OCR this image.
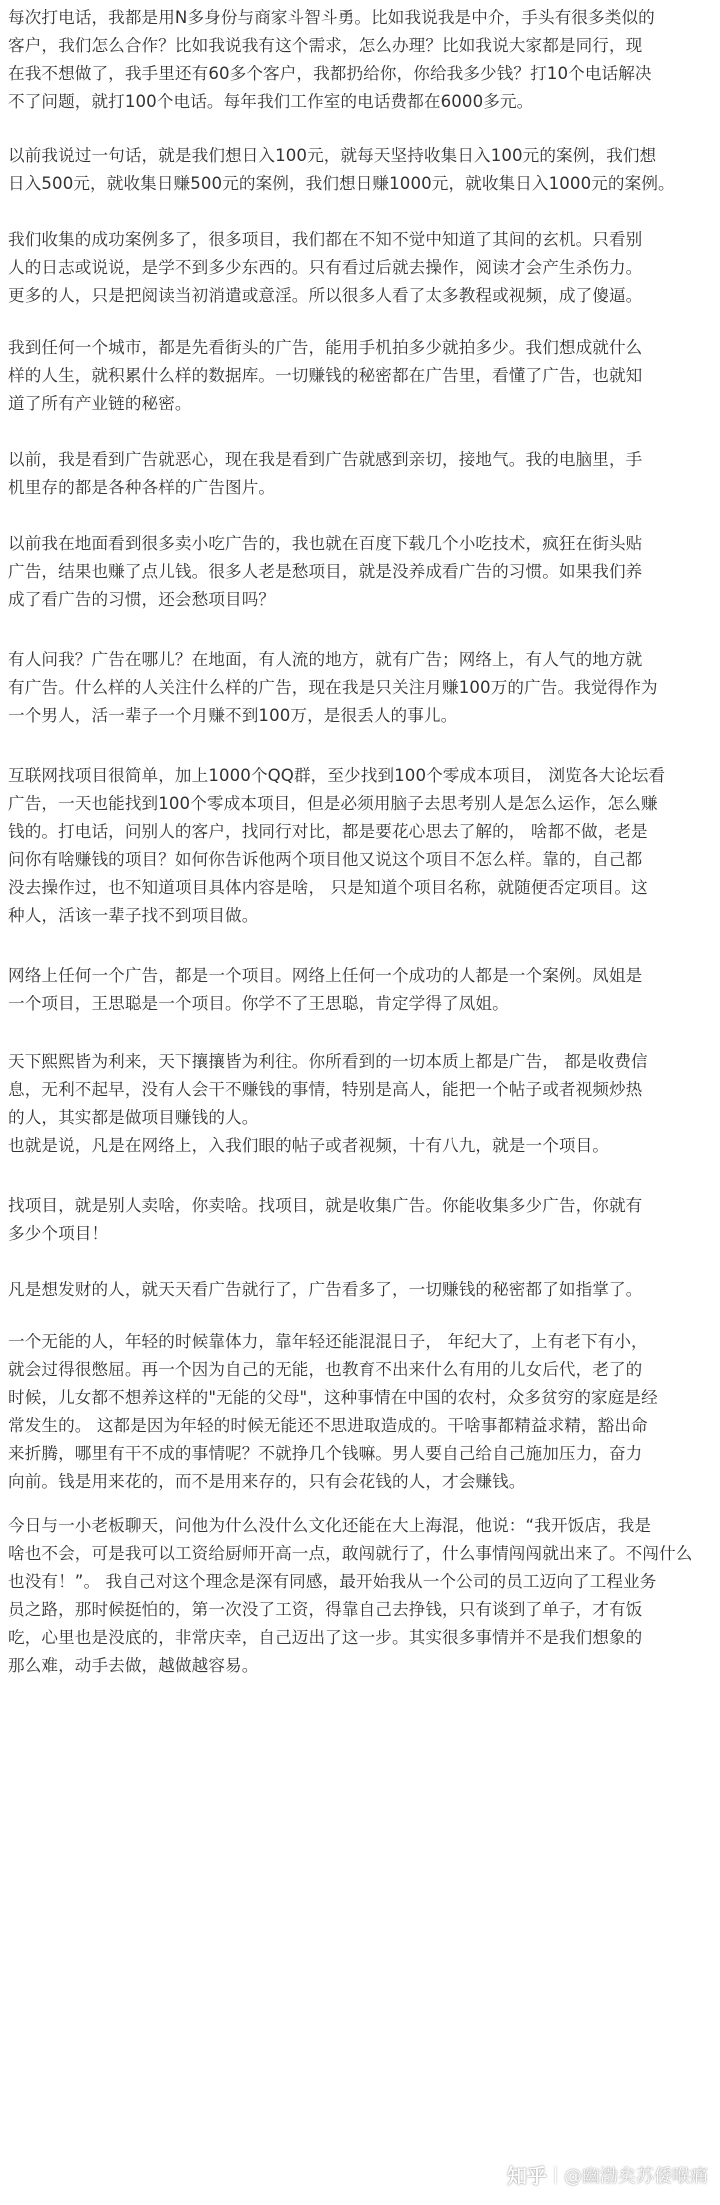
每次打电话，我都是用N多身份与商家斗智斗勇。比如我说我是中介，手头有很多类似的
客户，我们怎么合作？比如我说我有这个需求，怎么办理？比如我说大家都是同行，现
在我不想做了，我手里还有60多个客户，我都扔给你，你给我多少钱？打10个电话解决
不了问题，就打100个电话。每年我们工作室的电话费都在6000多元。

以前我说过一句话，就是我们想日入100元，就每天坚持收集日入100元的案例，我们想
日入500元，就收集日赚500元的案例，我们想日赚1000元，就收集日入1000元的案例。

我们收集的成功案例多了，很多项目，我们都在不知不觉中知道了其间的玄机。只看别
人的日志或说说，是学不到多少东西的。只有看过后就去操作，阅读才会产生杀伤力。
更多的人，只是把阅读当初消遣或意淫。所以很多人看了太多教程或视频，成了傻逼。

我到任何一个城市，都是先看街头的广告，能用手机拍多少就拍多少。我们想成就什么
样的人生，就积累什么样的数据库。一切赚钱的秘密都在广告里，看懂了广告，也就知
道了所有产业链的秘密。

以前，我是看到广告就恶心，现在我是看到广告就感到亲切，接地气。我的电脑里，手
机里存的都是各种各样的广告图片。

以前我在地面看到很多卖小吃广告的，我也就在百度下载几个小吃技术，疯狂在街头贴
广告，结果也赚了点儿钱。很多人老是愁项目，就是没养成看广告的习惯。如果我们养
成了看广告的习惯，还会愁项目吗？

有人问我？广告在哪儿？在地面，有人流的地方，就有广告；网络上，有人气的地方就
有广告。什么样的人关注什么样的广告，现在我是只关注月赚100万的广告。我觉得作为
一个男人，活一辈子一个月赚不到100万，是很丢人的事儿。

互联网找项目很简单，加上1000个QQ群，至少找到100个零成本项目， 浏览各大论坛看
广告，一天也能找到100个零成本项目，但是必须用脑子去思考别人是怎么运作，怎么赚
钱的。打电话，问别人的客户，找同行对比，都是要花心思去了解的， 啥都不做，老是
问你有啥赚钱的项目？如何你告诉他两个项目他又说这个项目不怎么样。靠的，自己都
没去操作过，也不知道项目具体内容是啥， 只是知道个项目名称，就随便否定项目。这
种人，活该一辈子找不到项目做。

网络上任何一个广告，都是一个项目。网络上任何一个成功的人都是一个案例。凤姐是
一个项目，王思聪是一个项目。你学不了王思聪，肯定学得了凤姐。

天下熙熙皆为利来，天下攘攘皆为利往。你所看到的一切本质上都是广告， 都是收费信
息，无利不起早，没有人会干不赚钱的事情，特别是高人，能把一个帖子或者视频炒热
的人，其实都是做项目赚钱的人。
也就是说，凡是在网络上，入我们眼的帖子或者视频，十有八九，就是一个项目。

找项目，就是别人卖啥，你卖啥。找项目，就是收集广告。你能收集多少广告，你就有
多少个项目！

凡是想发财的人，就天天看广告就行了，广告看多了，一切赚钱的秘密都了如指掌了。

一个无能的人，年轻的时候靠体力，靠年轻还能混混日子， 年纪大了，上有老下有小，
就会过得很憋屈。再一个因为自己的无能，也教育不出来什么有用的儿女后代，老了的
时候，儿女都不想养这样的"无能的父母"，这种事情在中国的农村，众多贫穷的家庭是经
常发生的。 这都是因为年轻的时候无能还不思进取造成的。干啥事都精益求精，豁出命
来折腾，哪里有干不成的事情呢？不就挣几个钱嘛。男人要自己给自己施加压力，奋力
向前。钱是用来花的，而不是用来存的，只有会花钱的人，才会赚钱。

今日与一小老板聊天，问他为什么没什么文化还能在大上海混，他说：“我开饭店，我是
啥也不会，可是我可以工资给厨师开高一点，敢闯就行了，什么事情闯闯就出来了。不闯什么
也没有！”。 我自己对这个理念是深有同感，最开始我从一个公司的员工迈向了工程业务
员之路，那时候挺怕的，第一次没了工资，得靠自己去挣钱，只有谈到了单子，才有饭
吃，心里也是没底的，非常庆幸，自己迈出了这一步。其实很多事情并不是我们想象的
那么难，动手去做，越做越容易。

知乎 @幽渤矣苏倭喉痛
